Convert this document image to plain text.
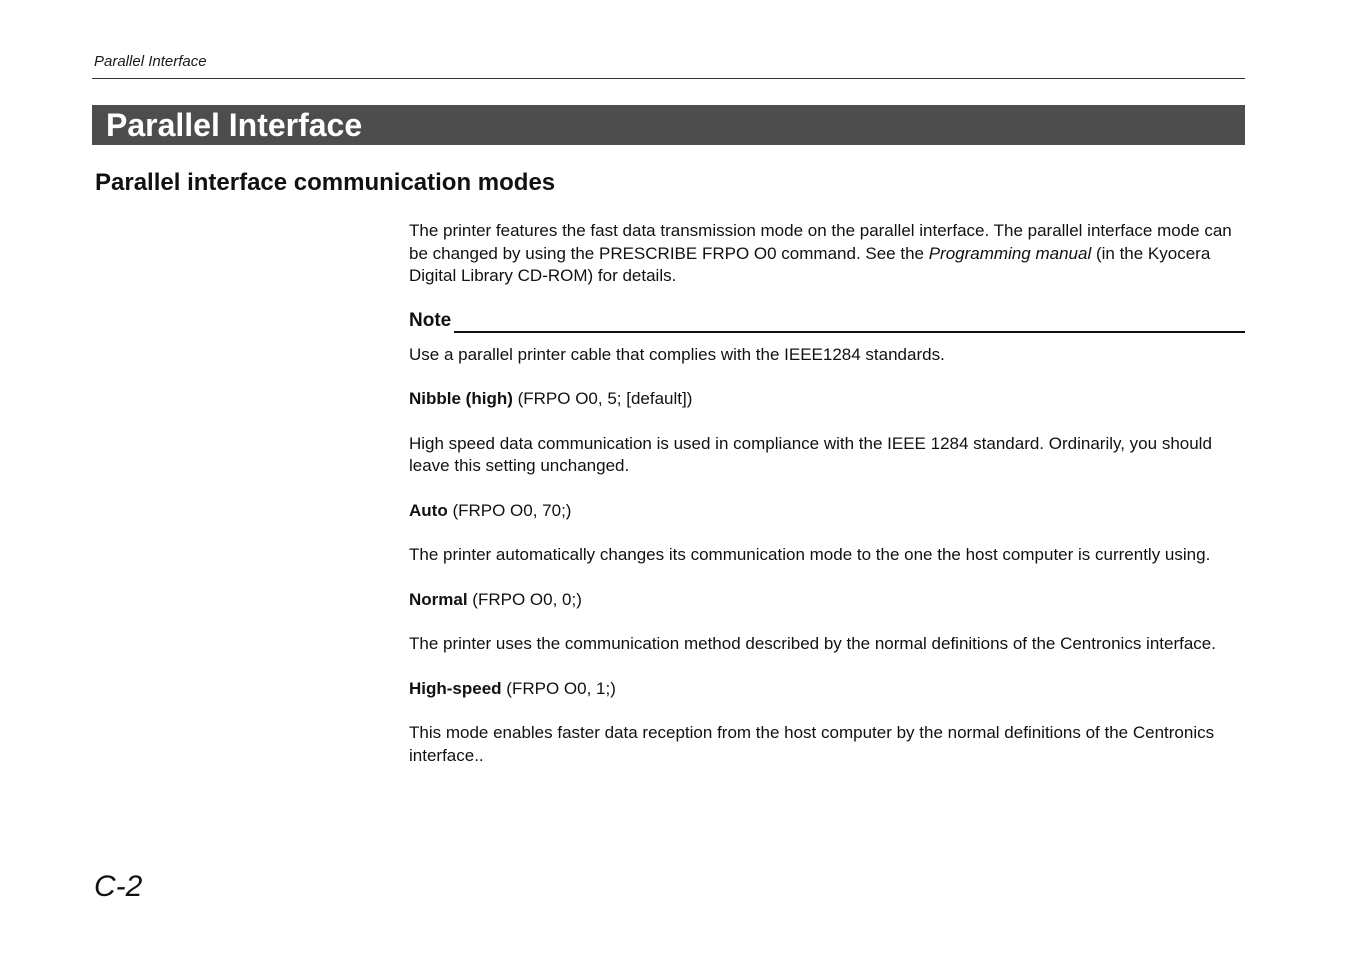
Parallel Interface
Parallel Interface
Parallel interface communication modes

The printer features the fast data transmission mode on the parallel interface. The parallel interface mode can be changed by using the PRESCRIBE FRPO O0 command. See the Programming manual (in the Kyocera Digital Library CD-ROM) for details.

Note

Use a parallel printer cable that complies with the IEEE1284 standards.

Nibble (high) (FRPO O0, 5; [default])

High speed data communication is used in compliance with the IEEE 1284 standard. Ordinarily, you should leave this setting unchanged.

Auto (FRPO O0, 70;)

The printer automatically changes its communication mode to the one the host computer is currently using.

Normal (FRPO O0, 0;)

The printer uses the communication method described by the normal definitions of the Centronics interface.

High-speed (FRPO O0, 1;)

This mode enables faster data reception from the host computer by the normal definitions of the Centronics interface..

C-2
